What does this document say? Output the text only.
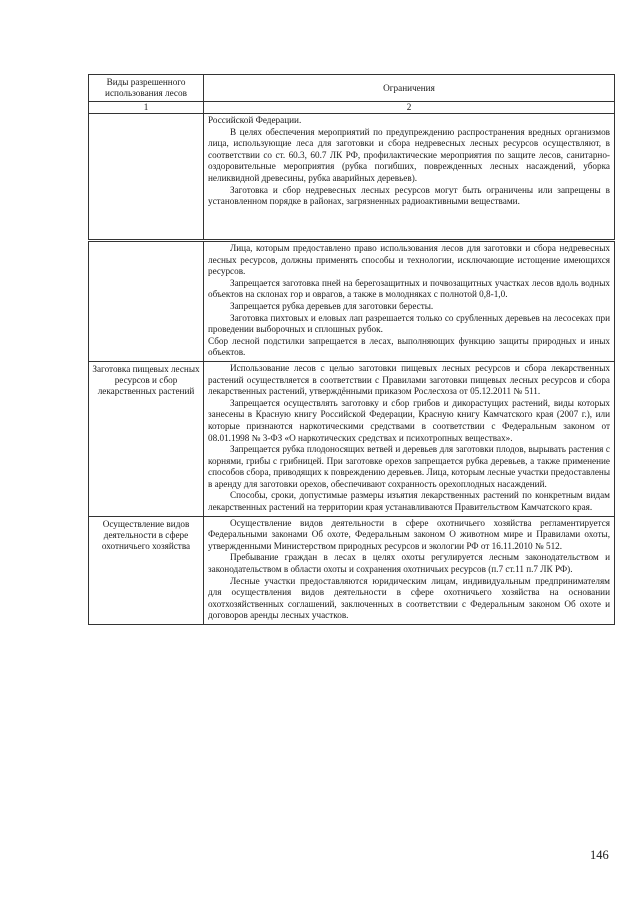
Виды разрешенного использования лесов	Ограничения
1	2

	Российской Федерации.

В целях обеспечения мероприятий по предупреждению распространения вредных организмов лица, использующие леса для заготовки и сбора недревесных лесных ресурсов осуществляют, в соответствии со ст. 60.3, 60.7 ЛК РФ, профилактические мероприятия по защите лесов, санитарно-оздоровительные мероприятия (рубка погибших, поврежденных лесных насаждений, уборка неликвидной древесины, рубка аварийных деревьев).

Заготовка и сбор недревесных лесных ресурсов могут быть ограничены или запрещены в установленном порядке в районах, загрязненных радиоактивными веществами.

	Лица, которым предоставлено право использования лесов для заготовки и сбора недревесных лесных ресурсов, должны применять способы и технологии, исключающие истощение имеющихся ресурсов.

Запрещается заготовка пней на берегозащитных и почвозащитных участках лесов вдоль водных объектов на склонах гор и оврагов, а также в молодняках с полнотой 0,8-1,0.

Запрещается рубка деревьев для заготовки бересты.

Заготовка пихтовых и еловых лап разрешается только со срубленных деревьев на лесосеках при проведении выборочных и сплошных рубок.

Сбор лесной подстилки запрещается в лесах, выполняющих функцию защиты природных и иных объектов.

Заготовка пищевых лесных ресурсов и сбор лекарственных растений	Использование лесов с целью заготовки пищевых лесных ресурсов и сбора лекарственных растений осуществляется в соответствии с Правилами заготовки пищевых лесных ресурсов и сбора лекарственных растений, утверждёнными приказом Рослесхоза от 05.12.2011 № 511.

Запрещается осуществлять заготовку и сбор грибов и дикорастущих растений, виды которых занесены в Красную книгу Российской Федерации, Красную книгу Камчатского края (2007 г.), или которые признаются наркотическими средствами в соответствии с Федеральным законом от 08.01.1998 № 3-ФЗ «О наркотических средствах и психотропных веществах».

Запрещается рубка плодоносящих ветвей и деревьев для заготовки плодов, вырывать растения с корнями, грибы с грибницей. При заготовке орехов запрещается рубка деревьев, а также применение способов сбора, приводящих к повреждению деревьев. Лица, которым лесные участки предоставлены в аренду для заготовки орехов, обеспечивают сохранность орехоплодных насаждений.

Способы, сроки, допустимые размеры изъятия лекарственных растений по конкретным видам лекарственных растений на территории края устанавливаются Правительством Камчатского края.

Осуществление видов деятельности в сфере охотничьего хозяйства	Осуществление видов деятельности в сфере охотничьего хозяйства регламентируется Федеральными законами Об охоте, Федеральным законом О животном мире и Правилами охоты, утвержденными Министерством природных ресурсов и экологии РФ от 16.11.2010 № 512.

Пребывание граждан в лесах в целях охоты регулируется лесным законодательством и законодательством в области охоты и сохранения охотничьих ресурсов (п.7 ст.11 п.7 ЛК РФ).

Лесные участки предоставляются юридическим лицам, индивидуальным предпринимателям для осуществления видов деятельности в сфере охотничьего хозяйства на основании охотхозяйственных соглашений, заключенных в соответствии с Федеральным законом Об охоте и договоров аренды лесных участков.

146
